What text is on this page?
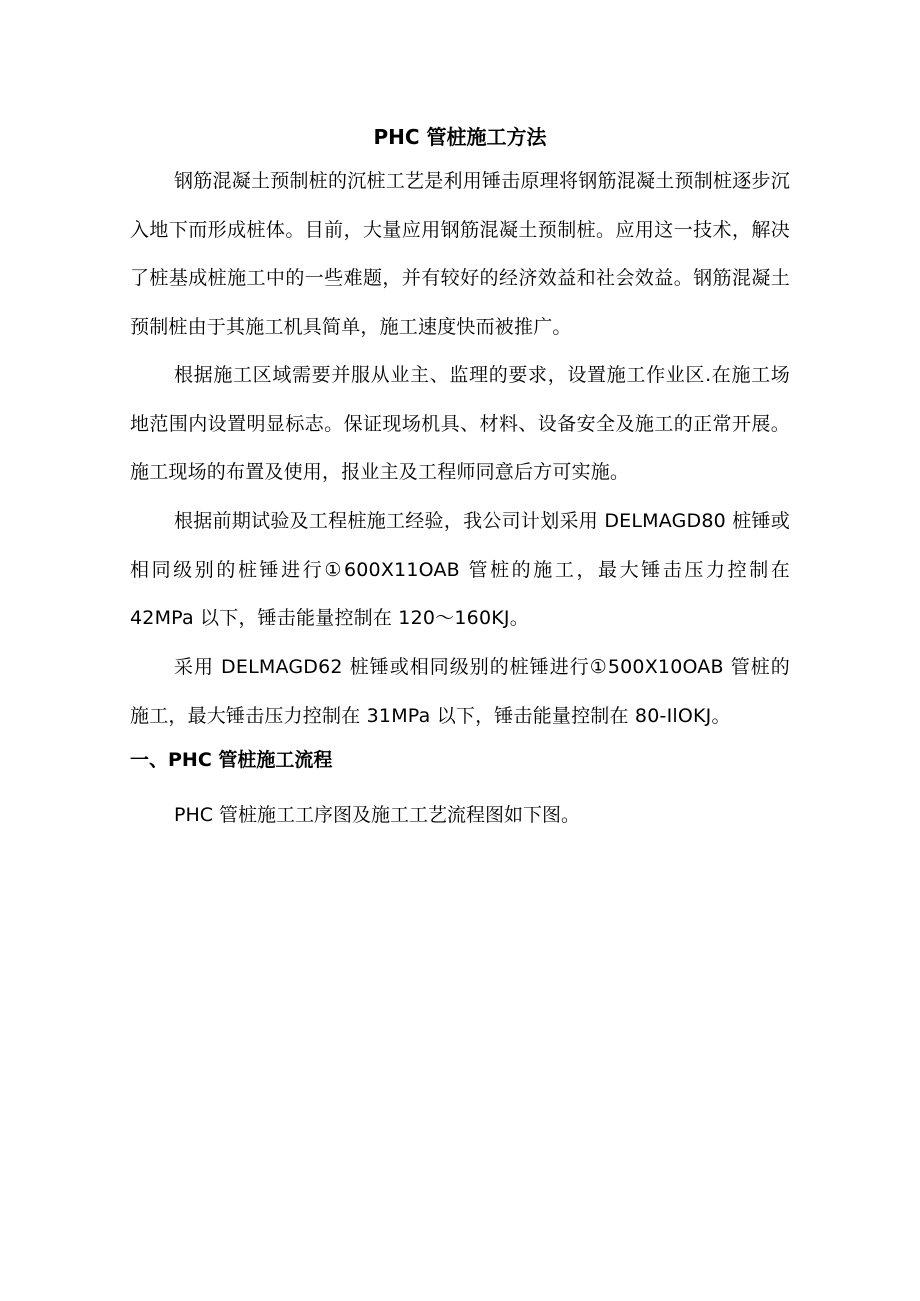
PHC 管桩施工方法

钢筋混凝土预制桩的沉桩工艺是利用锤击原理将钢筋混凝土预制桩逐步沉入地下而形成桩体。目前，大量应用钢筋混凝土预制桩。应用这一技术，解决了桩基成桩施工中的一些难题，并有较好的经济效益和社会效益。钢筋混凝土预制桩由于其施工机具简单，施工速度快而被推广。

根据施工区域需要并服从业主、监理的要求，设置施工作业区.在施工场地范围内设置明显标志。保证现场机具、材料、设备安全及施工的正常开展。施工现场的布置及使用，报业主及工程师同意后方可实施。

根据前期试验及工程桩施工经验，我公司计划采用 DELMAGD80 桩锤或相同级别的桩锤进行①600X11OAB 管桩的施工，最大锤击压力控制在42MPa 以下，锤击能量控制在 120～160KJ。

采用 DELMAGD62 桩锤或相同级别的桩锤进行①500X10OAB 管桩的施工，最大锤击压力控制在 31MPa 以下，锤击能量控制在 80-IlOKJ。

一、PHC 管桩施工流程

PHC 管桩施工工序图及施工工艺流程图如下图。
